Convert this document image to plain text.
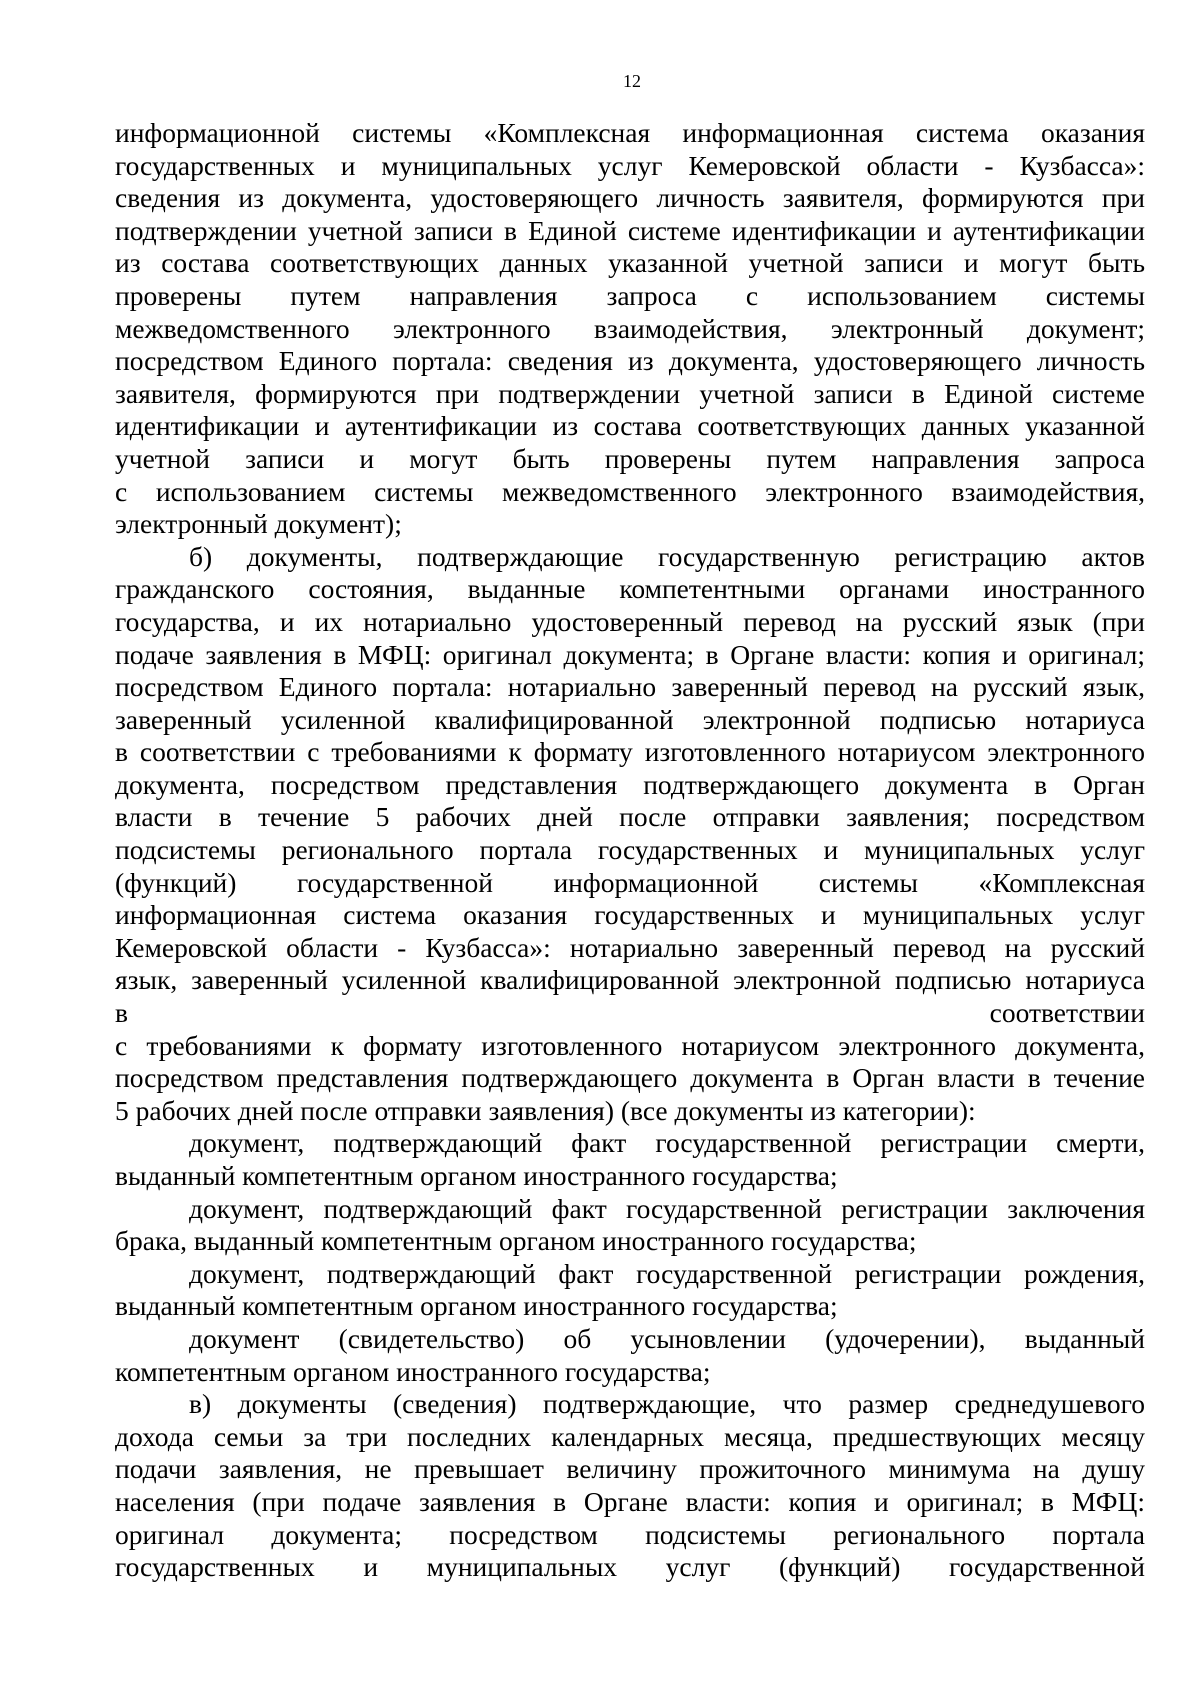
12
информационной системы «Комплексная информационная система оказания
государственных и муниципальных услуг Кемеровской области - Кузбасса»:
сведения из документа, удостоверяющего личность заявителя, формируются при
подтверждении учетной записи в Единой системе идентификации и аутентификации
из состава соответствующих данных указанной учетной записи и могут быть
проверены путем направления запроса с использованием системы
межведомственного электронного взаимодействия, электронный документ;
посредством Единого портала: сведения из документа, удостоверяющего личность
заявителя, формируются при подтверждении учетной записи в Единой системе
идентификации и аутентификации из состава соответствующих данных указанной
учетной записи и могут быть проверены путем направления запроса
с использованием системы межведомственного электронного взаимодействия,
электронный документ);
б) документы, подтверждающие государственную регистрацию актов
гражданского состояния, выданные компетентными органами иностранного
государства, и их нотариально удостоверенный перевод на русский язык (при
подаче заявления в МФЦ: оригинал документа; в Органе власти: копия и оригинал;
посредством Единого портала: нотариально заверенный перевод на русский язык,
заверенный усиленной квалифицированной электронной подписью нотариуса
в соответствии с требованиями к формату изготовленного нотариусом электронного
документа, посредством представления подтверждающего документа в Орган
власти в течение 5 рабочих дней после отправки заявления; посредством
подсистемы регионального портала государственных и муниципальных услуг
(функций) государственной информационной системы «Комплексная
информационная система оказания государственных и муниципальных услуг
Кемеровской области - Кузбасса»: нотариально заверенный перевод на русский
язык, заверенный усиленной квалифицированной электронной подписью нотариуса
в соответствии
с требованиями к формату изготовленного нотариусом электронного документа,
посредством представления подтверждающего документа в Орган власти в течение
5 рабочих дней после отправки заявления) (все документы из категории):
документ, подтверждающий факт государственной регистрации смерти,
выданный компетентным органом иностранного государства;
документ, подтверждающий факт государственной регистрации заключения
брака, выданный компетентным органом иностранного государства;
документ, подтверждающий факт государственной регистрации рождения,
выданный компетентным органом иностранного государства;
документ (свидетельство) об усыновлении (удочерении), выданный
компетентным органом иностранного государства;
в) документы (сведения) подтверждающие, что размер среднедушевого
дохода семьи за три последних календарных месяца, предшествующих месяцу
подачи заявления, не превышает величину прожиточного минимума на душу
населения (при подаче заявления в Органе власти: копия и оригинал; в МФЦ:
оригинал документа; посредством подсистемы регионального портала
государственных и муниципальных услуг (функций) государственной
